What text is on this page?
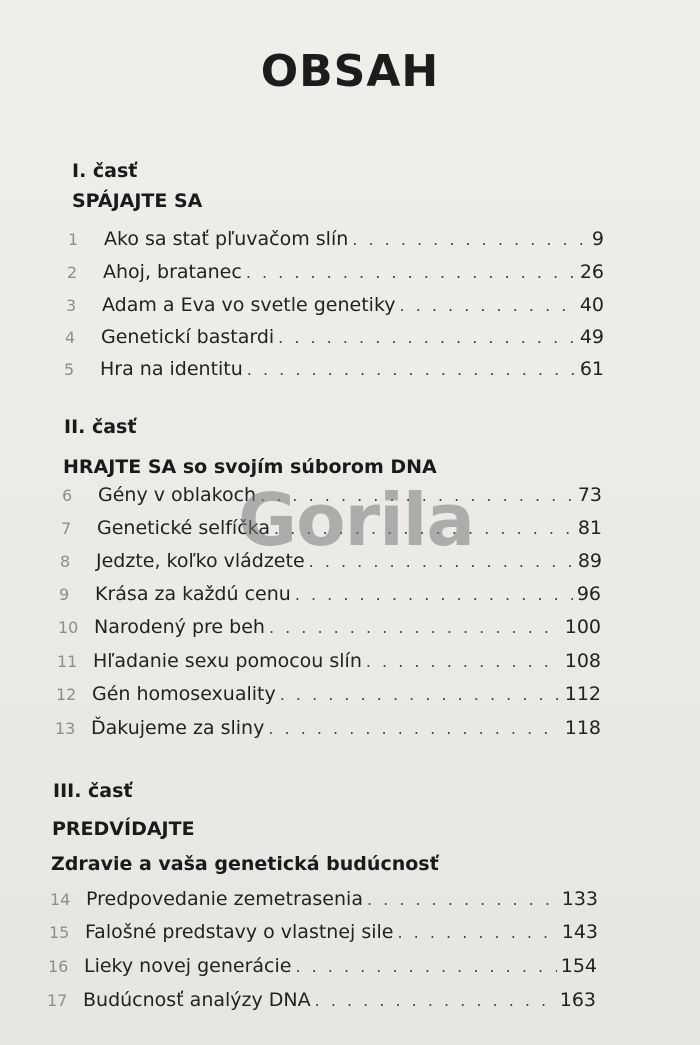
OBSAH
I. časť
SPÁJAJTE SA
1	Ako sa stať pľuvačom slín . . .	9
2	Ahoj, bratanec . . .	26
3	Adam a Eva vo svetle genetiky . . .	40
4	Genetickí bastardi . . .	49
5	Hra na identitu . . .	61
II. časť
HRAJTE SA so svojím súborom DNA
6	Gény v oblakoch . . .	73
7	Genetické selfíčka . . .	81
8	Jedzte, koľko vládzete . . .	89
9	Krása za každú cenu . . .	96
10 Narodený pre beh . . .	100
11 Hľadanie sexu pomocou slín . . .	108
12 Gén homosexuality . . .	112
13 Ďakujeme za sliny . . .	118
III. časť
PREDVÍDAJTE
Zdravie a vaša genetická budúcnosť
14 Predpovedanie zemetrasenia . . .	133
15 Falošné predstavy o vlastnej sile . . .	143
16 Lieky novej generácie . . .	154
17 Budúcnosť analýzy DNA . . .	163
Gorila
